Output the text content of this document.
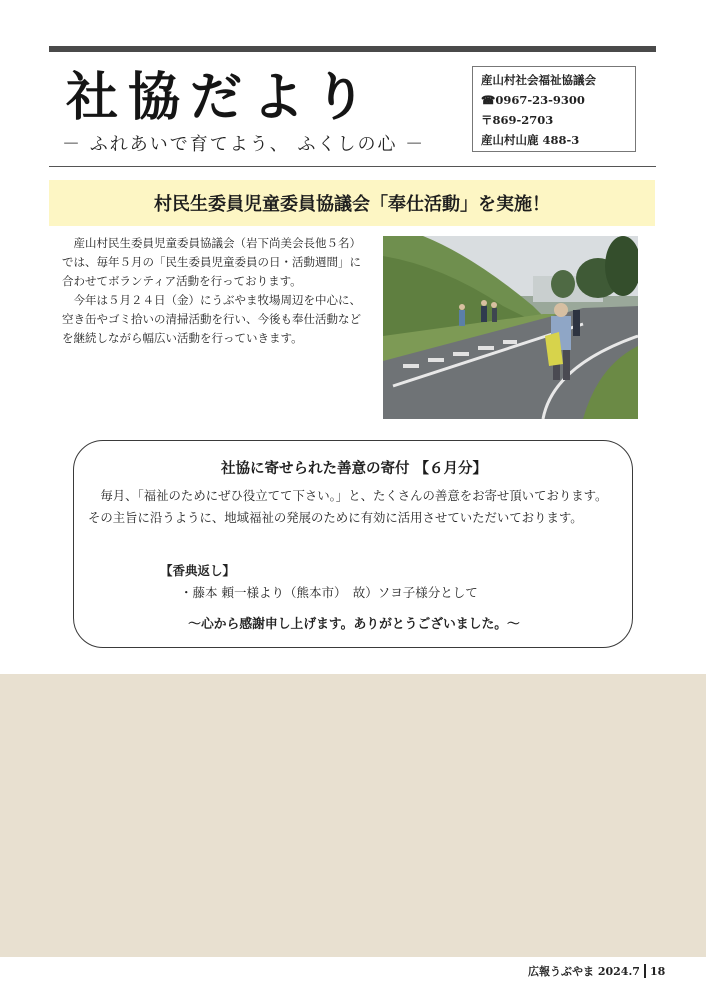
社協だより
－ ふれあいで育てよう、 ふくしの心 －
産山村社会福祉協議会
☎0967-23-9300
〒869-2703
産山村山鹿 488-3
村民生委員児童委員協議会「奉仕活動」を実施！

産山村民生委員児童委員協議会（岩下尚美会長他５名）では、毎年５月の「民生委員児童委員の日・活動週間」に合わせてボランティア活動を行っております。

今年は５月２４日（金）にうぶやま牧場周辺を中心に、空き缶やゴミ拾いの清掃活動を行い、今後も奉仕活動などを継続しながら幅広い活動を行っていきます。

社協に寄せられた善意の寄付 【６月分】
毎月、「福祉のためにぜひ役立てて下さい。」と、たくさんの善意をお寄せ頂いております。その主旨に沿うように、地域福祉の発展のために有効に活用させていただいております。
【香典返し】
・藤本 頼一様より（熊本市）　故）ソヨ子様分として
～心から感謝申し上げます。ありがとうございました。～
広報うぶやま 2024.7 18
